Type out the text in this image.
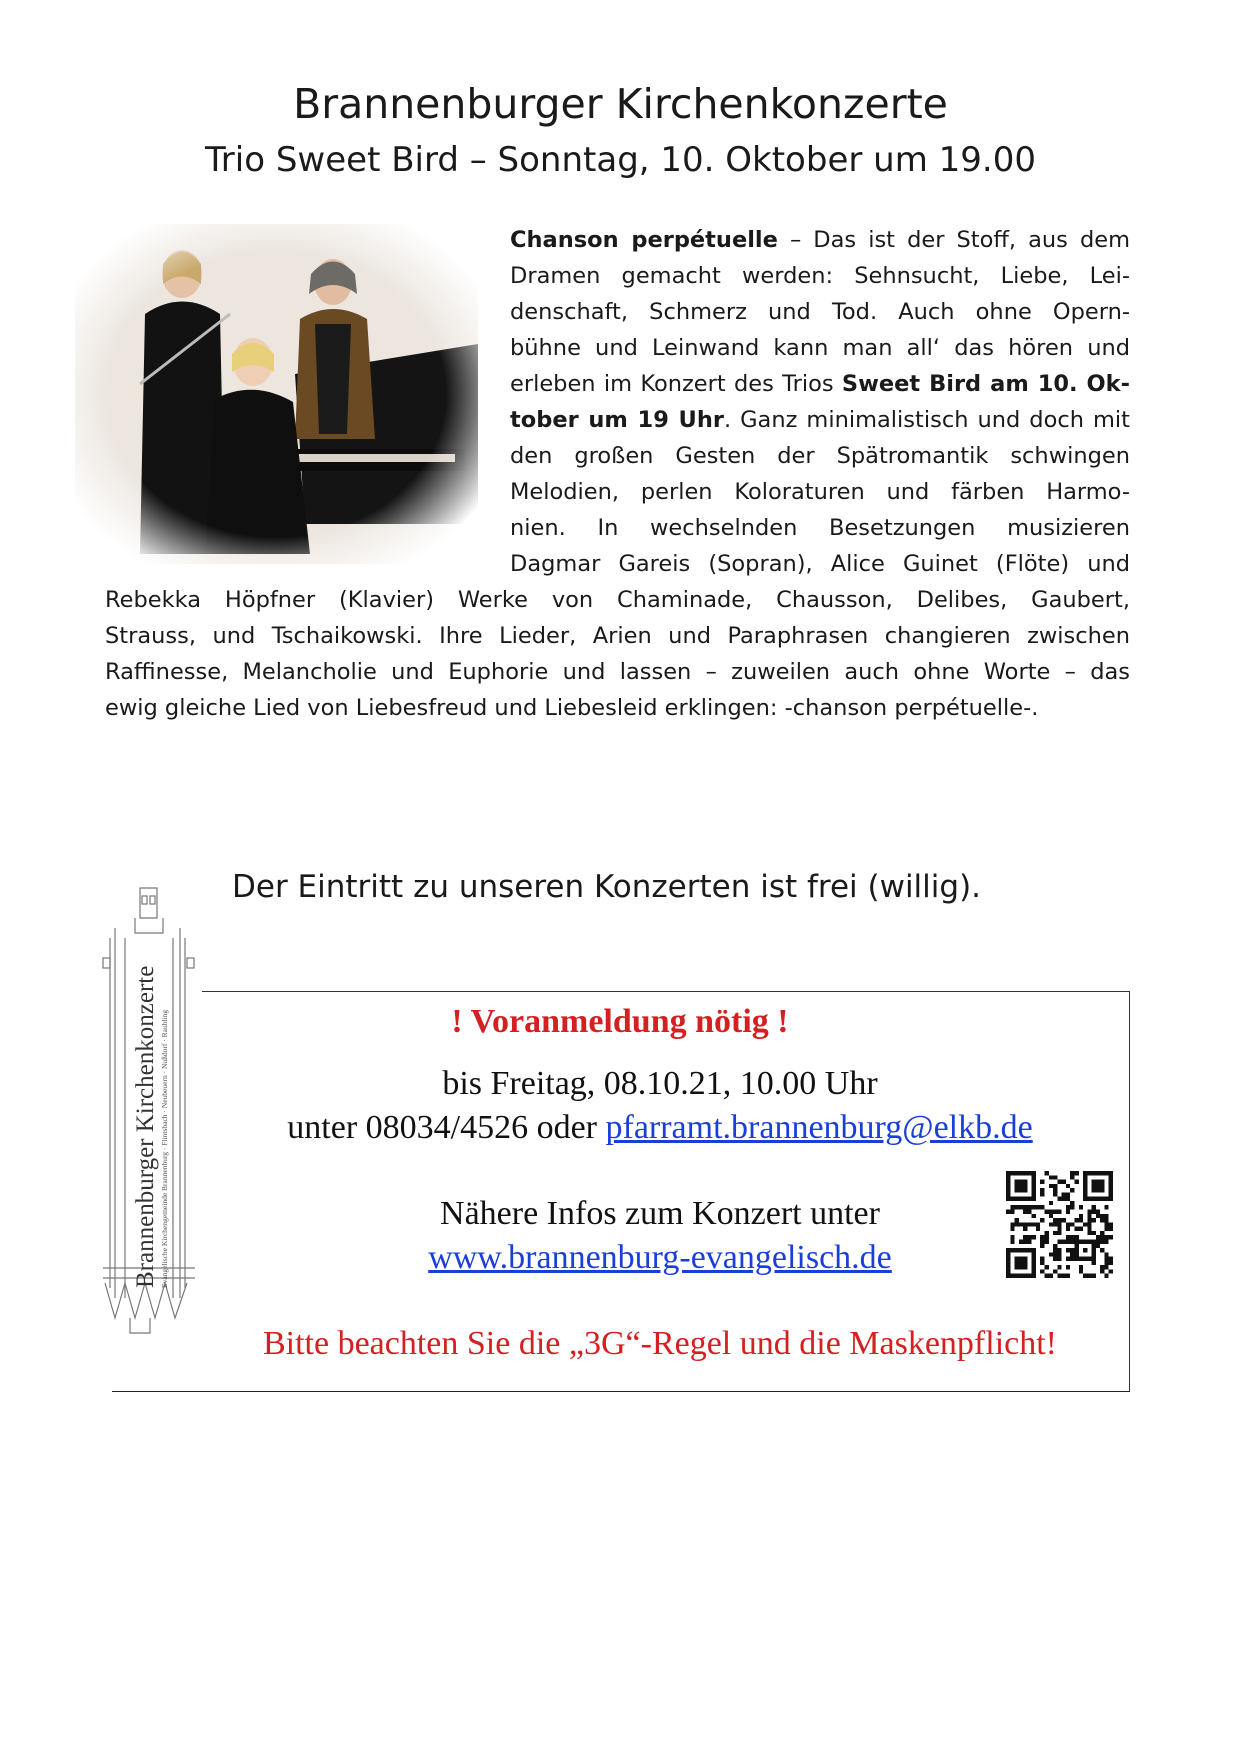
Brannenburger Kirchenkonzerte
Trio Sweet Bird – Sonntag, 10. Oktober um 19.00
Chanson perpétuelle – Das ist der Stoff, aus dem
Dramen gemacht werden: Sehnsucht, Liebe, Lei-
denschaft, Schmerz und Tod. Auch ohne Opern-
bühne und Leinwand kann man all‘ das hören und
erleben im Konzert des Trios Sweet Bird am 10. Ok-
tober um 19 Uhr. Ganz minimalistisch und doch mit
den großen Gesten der Spätromantik schwingen
Melodien, perlen Koloraturen und färben Harmo-
nien. In wechselnden Besetzungen musizieren
Dagmar Gareis (Sopran), Alice Guinet (Flöte) und
Rebekka Höpfner (Klavier) Werke von Chaminade, Chausson, Delibes, Gaubert,
Strauss, und Tschaikowski. Ihre Lieder, Arien und Paraphrasen changieren zwischen
Raffinesse, Melancholie und Euphorie und lassen – zuweilen auch ohne Worte – das
ewig gleiche Lied von Liebesfreud und Liebesleid erklingen: -chanson perpétuelle-.
Der Eintritt zu unseren Konzerten ist frei (willig).
Brannenburger Kirchenkonzerte Evangelische Kirchengemeinde Brannenburg · Flintsbach · Neubeuern · Nußdorf · Raubling	! Voranmeldung nötig !
bis Freitag, 08.10.21, 10.00 Uhr
unter 08034/4526 oder pfarramt.brannenburg@elkb.de
Nähere Infos zum Konzert unter
www.brannenburg-evangelisch.de
Bitte beachten Sie die „3G“-Regel und die Maskenpflicht!
